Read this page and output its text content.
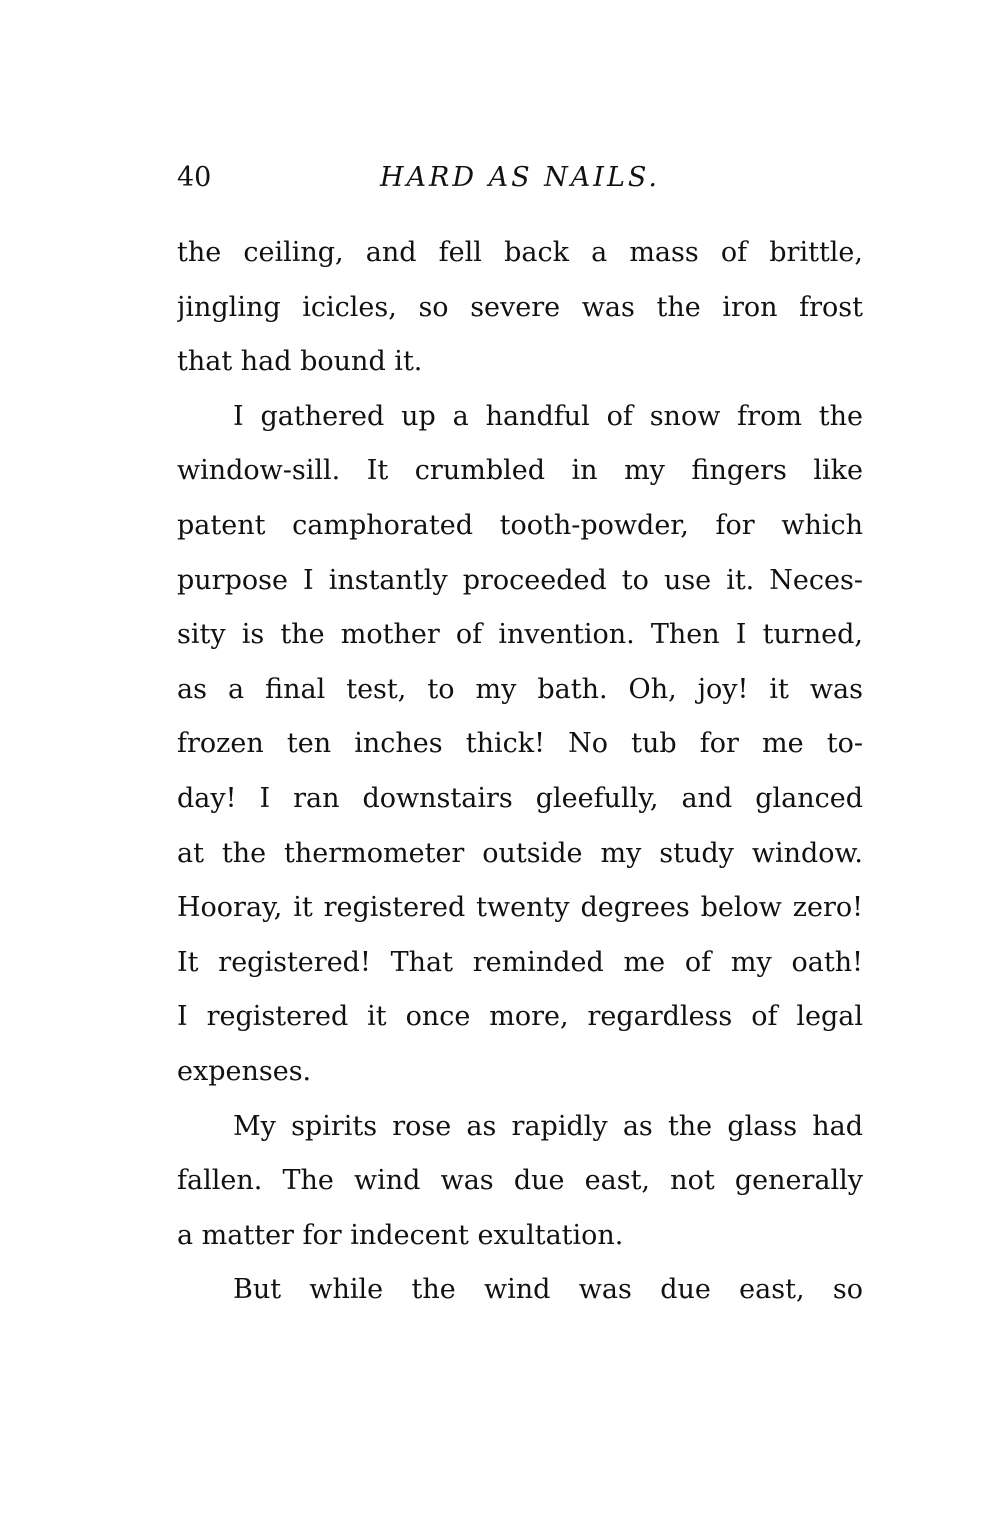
40	HARD AS NAILS.
the ceiling, and fell back a mass of brittle,
jingling icicles, so severe was the iron frost
that had bound it.
I gathered up a handful of snow from the
window-sill. It crumbled in my fingers like
patent camphorated tooth-powder, for which
purpose I instantly proceeded to use it. Neces-
sity is the mother of invention. Then I turned,
as a final test, to my bath. Oh, joy! it was
frozen ten inches thick! No tub for me to-
day! I ran downstairs gleefully, and glanced
at the thermometer outside my study window.
Hooray, it registered twenty degrees below zero!
It registered! That reminded me of my oath!
I registered it once more, regardless of legal
expenses.
My spirits rose as rapidly as the glass had
fallen. The wind was due east, not generally
a matter for indecent exultation.
But while the wind was due east, so
